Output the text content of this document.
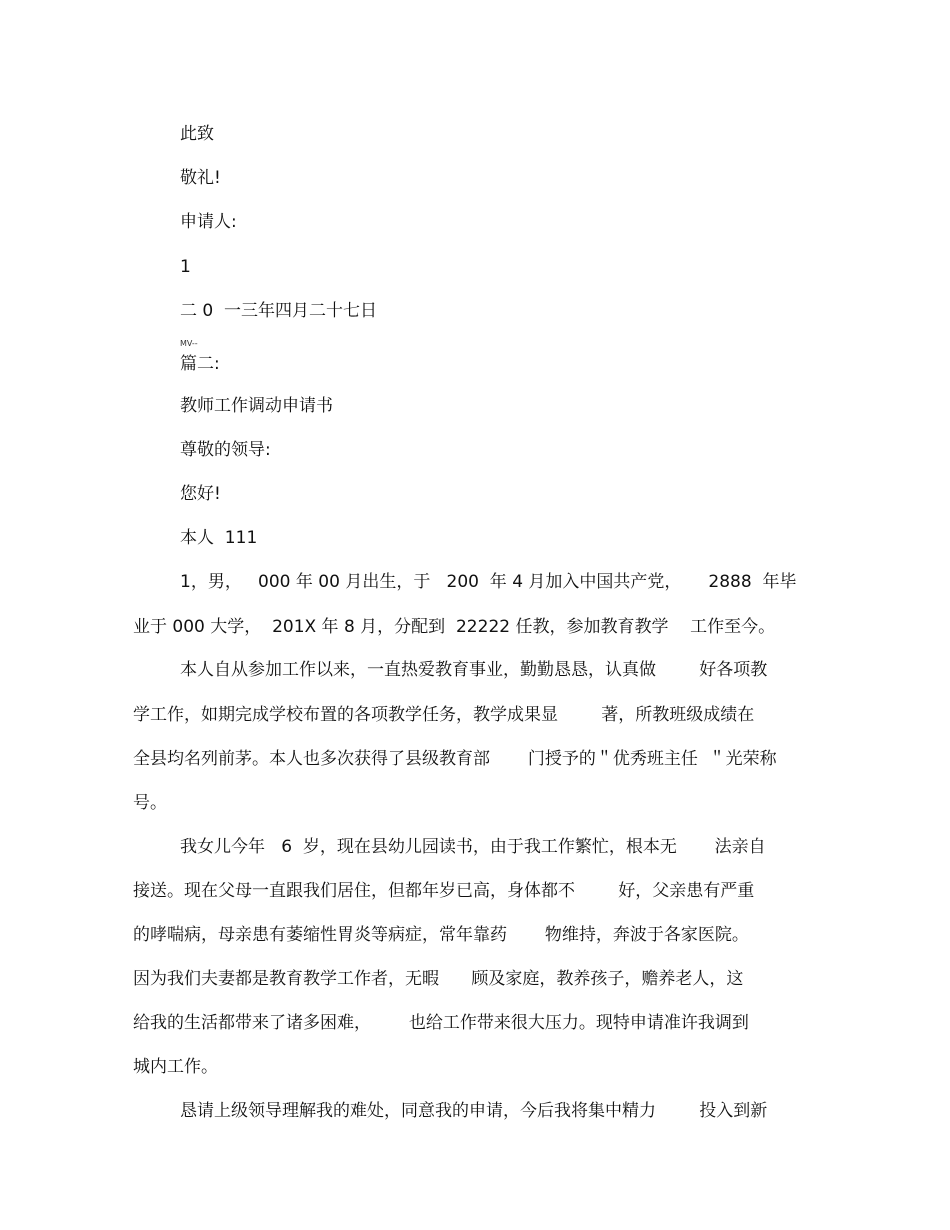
此致

敬礼!

申请人:

1

二 0  一三年四月二十七日

MV--

篇二:

教师工作调动申请书

尊敬的领导:

您好!

本人  111

1，男，   000 年 00 月出生，于   200  年 4 月加入中国共产党，     2888  年毕

业于 000 大学，  201X 年 8 月，分配到  22222 任教，参加教育教学    工作至今。

本人自从参加工作以来，一直热爱教育事业，勤勤恳恳，认真做        好各项教

学工作，如期完成学校布置的各项教学任务，教学成果显        著，所教班级成绩在

全县均名列前茅。本人也多次获得了县级教育部       门授予的＂优秀班主任  ＂光荣称

号。

我女儿今年   6  岁，现在县幼儿园读书，由于我工作繁忙，根本无       法亲自

接送。现在父母一直跟我们居住，但都年岁已高，身体都不        好，父亲患有严重

的哮喘病，母亲患有萎缩性胃炎等病症，常年靠药       物维持，奔波于各家医院。

因为我们夫妻都是教育教学工作者，无暇      顾及家庭，教养孩子，赡养老人，这

给我的生活都带来了诸多困难，       也给工作带来很大压力。现特申请准许我调到

城内工作。

恳请上级领导理解我的难处，同意我的申请，今后我将集中精力        投入到新
